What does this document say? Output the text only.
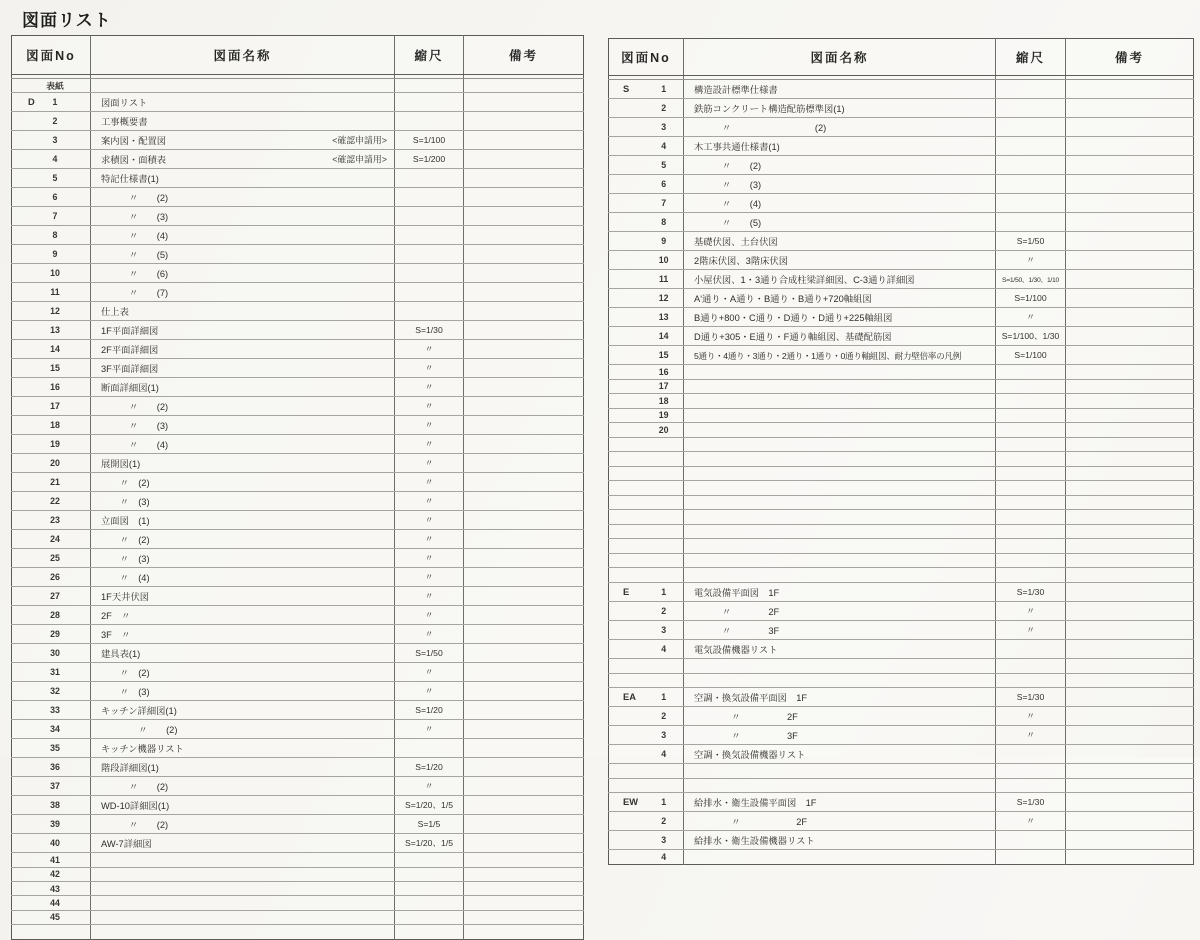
図面リスト
図面No	図面名称	縮尺	備考

表紙			

D 1	図面リスト		

2	工事概要書		

3	案内図・配置図 <確認申請用>	S=1/100	

4	求積図・面積表 <確認申請用>	S=1/200	

5	特記仕様書(1)		

6	　　　〃　　(2)		

7	　　　〃　　(3)		

8	　　　〃　　(4)		

9	　　　〃　　(5)		

10	　　　〃　　(6)		

11	　　　〃　　(7)		

12	仕上表		

13	1F平面詳細図	S=1/30	

14	2F平面詳細図	〃	

15	3F平面詳細図	〃	

16	断面詳細図(1)	〃	

17	　　　〃　　(2)	〃	

18	　　　〃　　(3)	〃	

19	　　　〃　　(4)	〃	

20	展開図(1)	〃	

21	　　〃　(2)	〃	

22	　　〃　(3)	〃	

23	立面図　(1)	〃	

24	　　〃　(2)	〃	

25	　　〃　(3)	〃	

26	　　〃　(4)	〃	

27	1F天井伏図	〃	

28	2F　〃	〃	

29	3F　〃	〃	

30	建具表(1)	S=1/50	

31	　　〃　(2)	〃	

32	　　〃　(3)	〃	

33	キッチン詳細図(1)	S=1/20	

34	　　　　〃　　(2)	〃	

35	キッチン機器リスト		

36	階段詳細図(1)	S=1/20	

37	　　　〃　　(2)	〃	

38	WD-10詳細図(1)	S=1/20、1/5	

39	　　　〃　　(2)	S=1/5	

40	AW-7詳細図	S=1/20、1/5	

41			

42			

43			

44			

45			

図面No	図面名称	縮尺	備考

S 1	構造設計標準仕様書		

2	鉄筋コンクリート構造配筋標準図(1)		

3	　　　〃　　　　　　　　　(2)		

4	木工事共通仕様書(1)		

5	　　　〃　　(2)		

6	　　　〃　　(3)		

7	　　　〃　　(4)		

8	　　　〃　　(5)		

9	基礎伏図、土台伏図	S=1/50	

10	2階床伏図、3階床伏図	〃	

11	小屋伏図、1・3通り合成柱梁詳細図、C-3通り詳細図	S=1/50、1/30、1/10	

12	A'通り・A通り・B通り・B通り+720軸組図	S=1/100	

13	B通り+800・C通り・D通り・D通り+225軸組図	〃	

14	D通り+305・E通り・F通り軸組図、基礎配筋図	S=1/100、1/30	

15	5通り・4通り・3通り・2通り・1通り・0通り軸組図、耐力壁倍率の凡例	S=1/100	

16			

17			

18			

19			

20			

E 1	電気設備平面図　1F	S=1/30	

2	　　　〃　　　　2F	〃	

3	　　　〃　　　　3F	〃	

4	電気設備機器リスト		

EA 1	空調・換気設備平面図　1F	S=1/30	

2	　　　　〃　　　　　2F	〃	

3	　　　　〃　　　　　3F	〃	

4	空調・換気設備機器リスト		

EW 1	給排水・衛生設備平面図　1F	S=1/30	

2	　　　　〃　　　　　　2F	〃	

3	給排水・衛生設備機器リスト		

4			
